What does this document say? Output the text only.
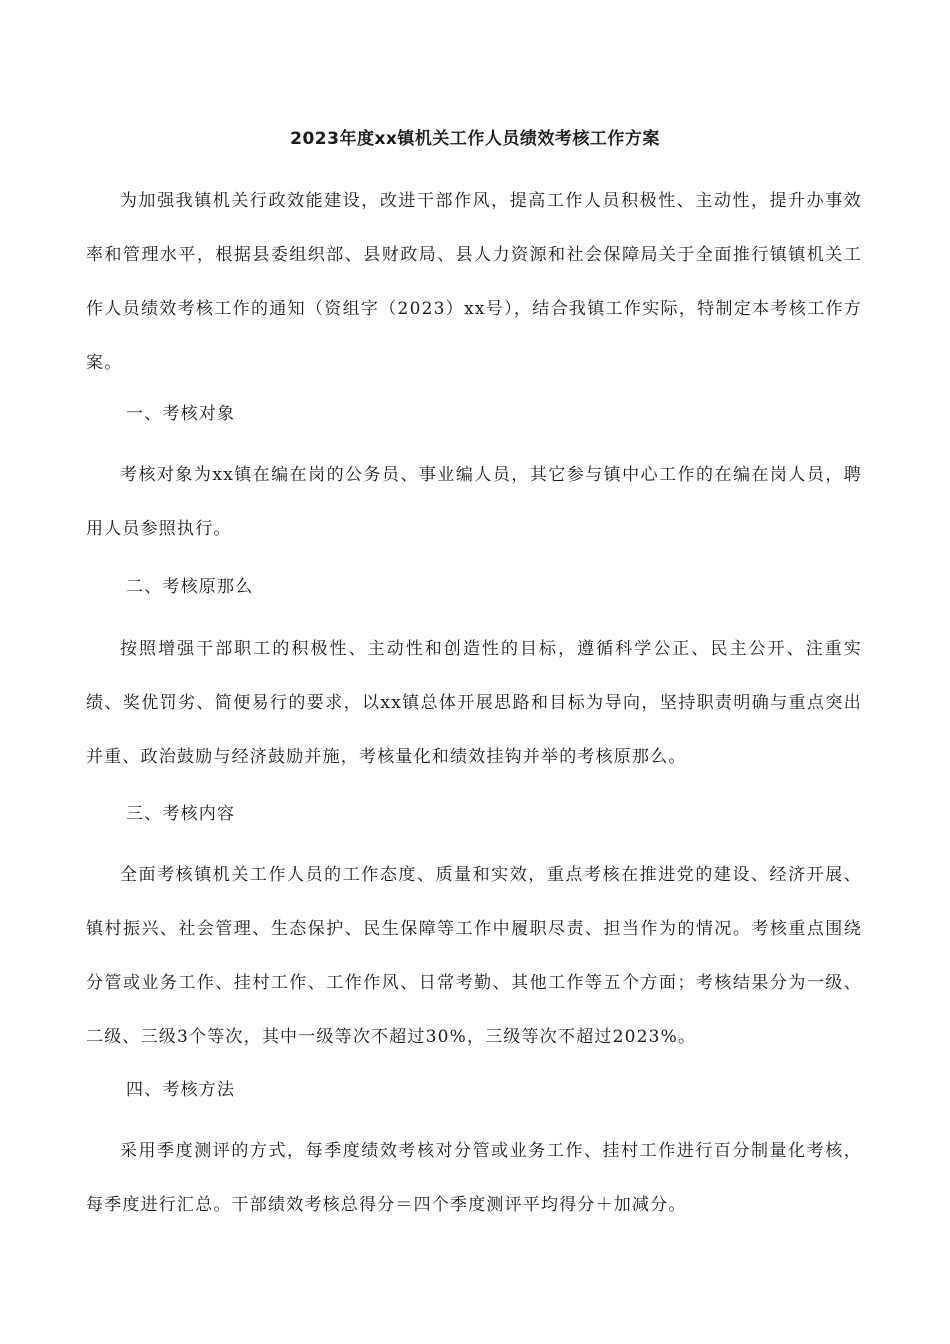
2023年度xx镇机关工作人员绩效考核工作方案

为加强我镇机关行政效能建设，改进干部作风，提高工作人员积极性、主动性，提升办事效率和管理水平，根据县委组织部、县财政局、县人力资源和社会保障局关于全面推行镇镇机关工作人员绩效考核工作的通知（资组字（2023）xx号），结合我镇工作实际，特制定本考核工作方案。

一、考核对象

考核对象为xx镇在编在岗的公务员、事业编人员，其它参与镇中心工作的在编在岗人员，聘用人员参照执行。

二、考核原那么

按照增强干部职工的积极性、主动性和创造性的目标，遵循科学公正、民主公开、注重实绩、奖优罚劣、简便易行的要求，以xx镇总体开展思路和目标为导向，坚持职责明确与重点突出并重、政治鼓励与经济鼓励并施，考核量化和绩效挂钩并举的考核原那么。

三、考核内容

全面考核镇机关工作人员的工作态度、质量和实效，重点考核在推进党的建设、经济开展、镇村振兴、社会管理、生态保护、民生保障等工作中履职尽责、担当作为的情况。考核重点围绕分管或业务工作、挂村工作、工作作风、日常考勤、其他工作等五个方面；考核结果分为一级、二级、三级3个等次，其中一级等次不超过30%，三级等次不超过2023%。

四、考核方法

采用季度测评的方式，每季度绩效考核对分管或业务工作、挂村工作进行百分制量化考核，每季度进行汇总。干部绩效考核总得分＝四个季度测评平均得分＋加减分。
